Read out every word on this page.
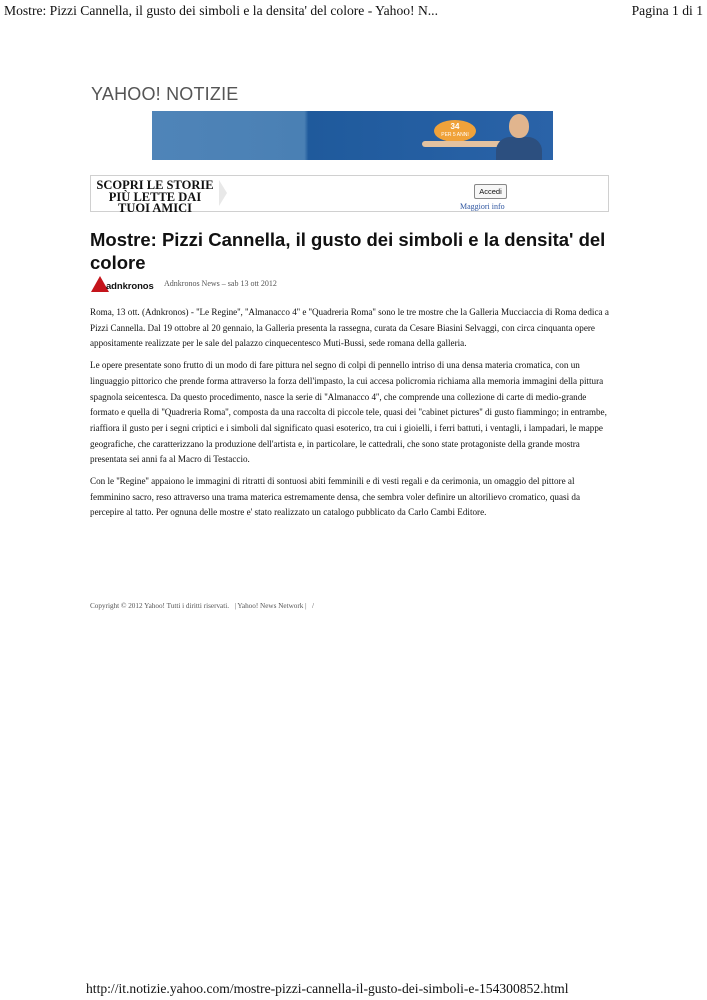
Mostre: Pizzi Cannella, il gusto dei simboli e la densita' del colore - Yahoo! N...	Pagina 1 di 1
YAHOO! NOTIZIE
34
PER 5 ANNI
SCOPRI LE STORIE
PIÙ LETTE DAI
TUOI AMICI
Accedi
Maggiori info
Mostre: Pizzi Cannella, il gusto dei simboli e la densita' del colore
adnkronos Adnkronos News – sab 13 ott 2012

Roma, 13 ott. (Adnkronos) - ''Le Regine'', ''Almanacco 4'' e ''Quadreria Roma'' sono le tre mostre che la Galleria Mucciaccia di Roma dedica a Pizzi Cannella. Dal 19 ottobre al 20 gennaio, la Galleria presenta la rassegna, curata da Cesare Biasini Selvaggi, con circa cinquanta opere appositamente realizzate per le sale del palazzo cinquecentesco Muti-Bussi, sede romana della galleria.

Le opere presentate sono frutto di un modo di fare pittura nel segno di colpi di pennello intriso di una densa materia cromatica, con un linguaggio pittorico che prende forma attraverso la forza dell'impasto, la cui accesa policromia richiama alla memoria immagini della pittura spagnola seicentesca. Da questo procedimento, nasce la serie di ''Almanacco 4'', che comprende una collezione di carte di medio-grande formato e quella di ''Quadreria Roma'', composta da una raccolta di piccole tele, quasi dei ''cabinet pictures'' di gusto fiammingo; in entrambe, riaffiora il gusto per i segni criptici e i simboli dal significato quasi esoterico, tra cui i gioielli, i ferri battuti, i ventagli, i lampadari, le mappe geografiche, che caratterizzano la produzione dell'artista e, in particolare, le cattedrali, che sono state protagoniste della grande mostra presentata sei anni fa al Macro di Testaccio.

Con le ''Regine'' appaiono le immagini di ritratti di sontuosi abiti femminili e di vesti regali e da cerimonia, un omaggio del pittore al femminino sacro, reso attraverso una trama materica estremamente densa, che sembra voler definire un altorilievo cromatico, quasi da percepire al tatto. Per ognuna delle mostre e' stato realizzato un catalogo pubblicato da Carlo Cambi Editore.

Copyright © 2012 Yahoo! Tutti i diritti riservati. | Yahoo! News Network | /
http://it.notizie.yahoo.com/mostre-pizzi-cannella-il-gusto-dei-simboli-e-154300852.html
